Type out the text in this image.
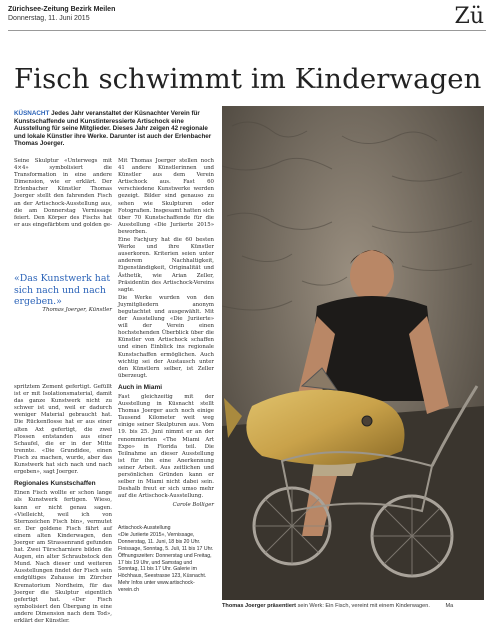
Zürichsee-Zeitung Bezirk Meilen
Donnerstag, 11. Juni 2015	Zü
Fisch schwimmt im Kinderwagen
KÜSNACHT Jedes Jahr veranstaltet der Küsnachter Verein für Kunstschaffende und Kunstinteressierte Artischock eine Ausstellung für seine Mitglieder. Dieses Jahr zeigen 42 regionale und lokale Künstler ihre Werke. Darunter ist auch der Erlenbacher Thomas Joerger.

Seine Skulptur «Unterwegs mit 4×4» symbolisiert die Transformation in eine andere Dimension, wie er erklärt. Der Erlenbacher Künstler Thomas Joerger stellt den fahrenden Fisch an der Artischock-Ausstellung aus, die am Donnerstag Vernissage feiert. Den Körper des Fischs hat er aus eingefärbtem und golden ge-

«Das Kunstwerk hat sich nach und nach ergeben.»
Thomas Joerger, Künstler

spritztem Zement gefertigt. Gefüllt ist er mit Isolationsmaterial, damit das ganze Kunstwerk nicht zu schwer ist und, weil er dadurch weniger Material gebraucht hat. Die Rückenflosse hat er aus einer alten Axt gefertigt, die zwei Flossen entstanden aus einer Schaufel, die er in der Mitte trennte. «Die Grundidee, einen Fisch zu machen, wurde, aber das Kunstwerk hat sich nach und nach ergeben», sagt Joerger.

Regionales Kunstschaffen

Einen Fisch wollte er schon lange als Kunstwerk fertigen. Wieso, kann er nicht genau sagen. «Vielleicht, weil ich von Sternzeichen Fisch bin», vermutet er. Der goldene Fisch fährt auf einem alten Kinderwagen, den Joerger am Strassenrand gefunden hat. Zwei Türscharniere bilden die Augen, ein alter Schraubstock den Mund. Nach dieser und weiteren Ausstellungen findet der Fisch sein endgültiges Zuhause im Zürcher Krematorium Nordheim, für das Joerger die Skulptur eigentlich gefertigt hat. «Der Fisch symbolisiert den Übergang in eine andere Dimension nach dem Tod», erklärt der Künstler.

Mit Thomas Joerger stellen noch 41 andere Künstlerinnen und Künstler aus dem Verein Artischock aus. Fast 60 verschiedene Kunstwerke werden gezeigt. Bilder sind genauso zu sehen wie Skulpturen oder Fotografien. Insgesamt hatten sich über 70 Kunstschaffende für die Ausstellung «Die Juriierte 2015» beworben.

Eine Fachjury hat die 60 besten Werke und ihre Künstler auserkoren. Kriterien seien unter anderem Nachhaltigkeit, Eigenständigkeit, Originalität und Ästhetik, wie Arian Zeller, Präsidentin des Artischock-Vereins sagte.

Die Werke wurden von den Juymitgliedern anonym begutachtet und ausgewählt. Mit der Ausstellung «Die Juriierte» will der Verein einen hochstehenden Überblick über die Künstler von Artischock schaffen und einen Einblick ins regionale Kunstschaffen ermöglichen. Auch wichtig sei der Austausch unter den Künstlern selber, ist Zeller überzeugt.

Auch in Miami

Fast gleichzeitig mit der Ausstellung in Küsnacht stellt Thomas Joerger auch noch einige Tausend Kilometer weit weg einige seiner Skulpturen aus. Vom 19. bis 25. Juni nimmt er an der renommierten «The Miami Art Expo» in Florida teil. Die Teilnahme an dieser Ausstellung ist für ihn eine Anerkennung seiner Arbeit. Aus zeitlichen und persönlichen Gründen kann er selber in Miami nicht dabei sein. Deshalb freut er sich umso mehr auf die Artischock-Ausstellung.

Carole Bolliger

Artischock-Ausstellung
«Die Juriierte 2015», Vernissage, Donnerstag, 11. Juni, 18 bis 20 Uhr. Finissage, Sonntag, 5. Juli, 11 bis 17 Uhr. Öffnungszeiten: Donnerstag und Freitag, 17 bis 19 Uhr, und Samstag und Sonntag, 11 bis 17 Uhr. Galerie im Höchhaus, Seestrasse 123, Küsnacht. Mehr Infos unter www.artischock-verein.ch
Thomas Joerger präsentiert sein Werk: Ein Fisch, vereint mit einem Kinderwagen.	Ma
